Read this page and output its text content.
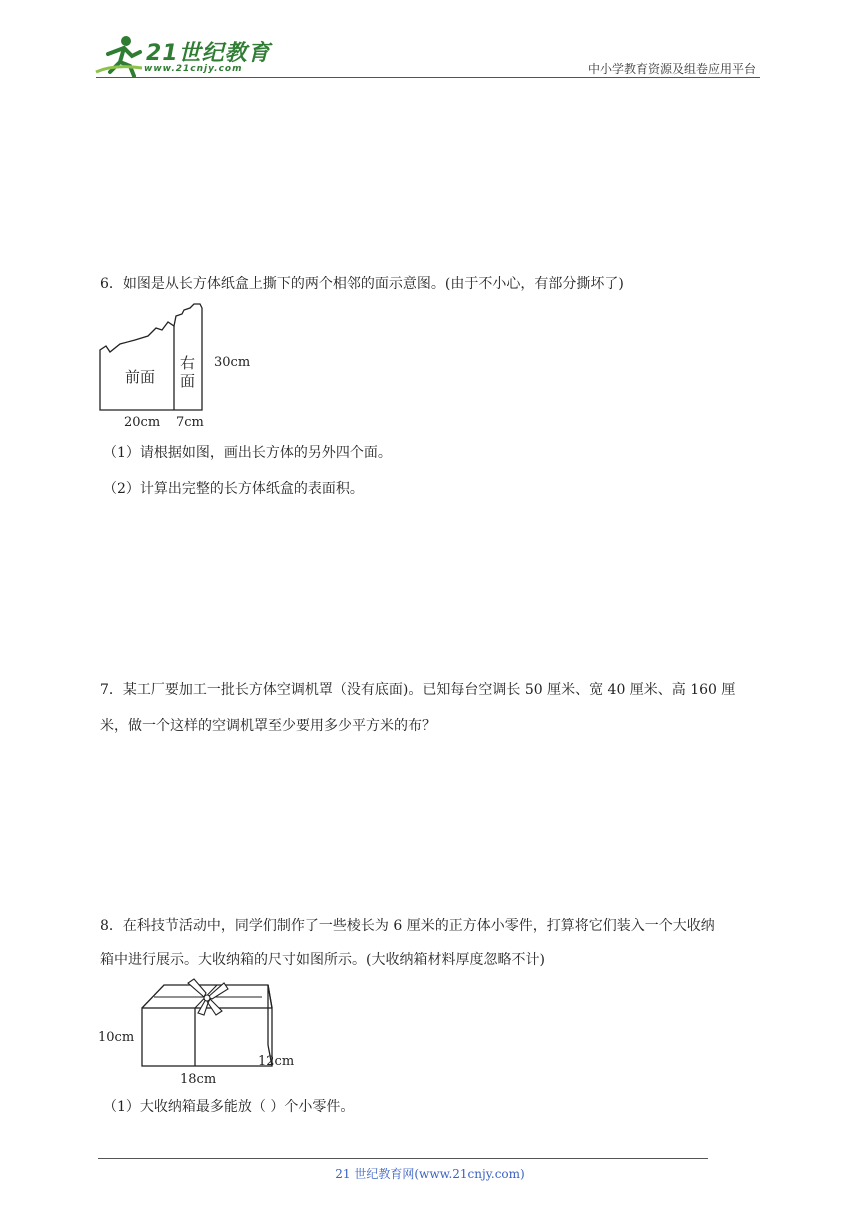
21世纪教育
www.21cnjy.com	中小学教育资源及组卷应用平台
6．如图是从长方体纸盒上撕下的两个相邻的面示意图。(由于不小心，有部分撕坏了)
前面
右
面
30cm
20cm 7cm
（1）请根据如图，画出长方体的另外四个面。
（2）计算出完整的长方体纸盒的表面积。
7．某工厂要加工一批长方体空调机罩（没有底面)。已知每台空调长 50 厘米、宽 40 厘米、高 160 厘
米，做一个这样的空调机罩至少要用多少平方米的布？
8．在科技节活动中，同学们制作了一些棱长为 6 厘米的正方体小零件，打算将它们装入一个大收纳
箱中进行展示。大收纳箱的尺寸如图所示。(大收纳箱材料厚度忽略不计)
10cm
18cm
12cm
（1）大收纳箱最多能放（ ）个小零件。
21 世纪教育网(www.21cnjy.com)
